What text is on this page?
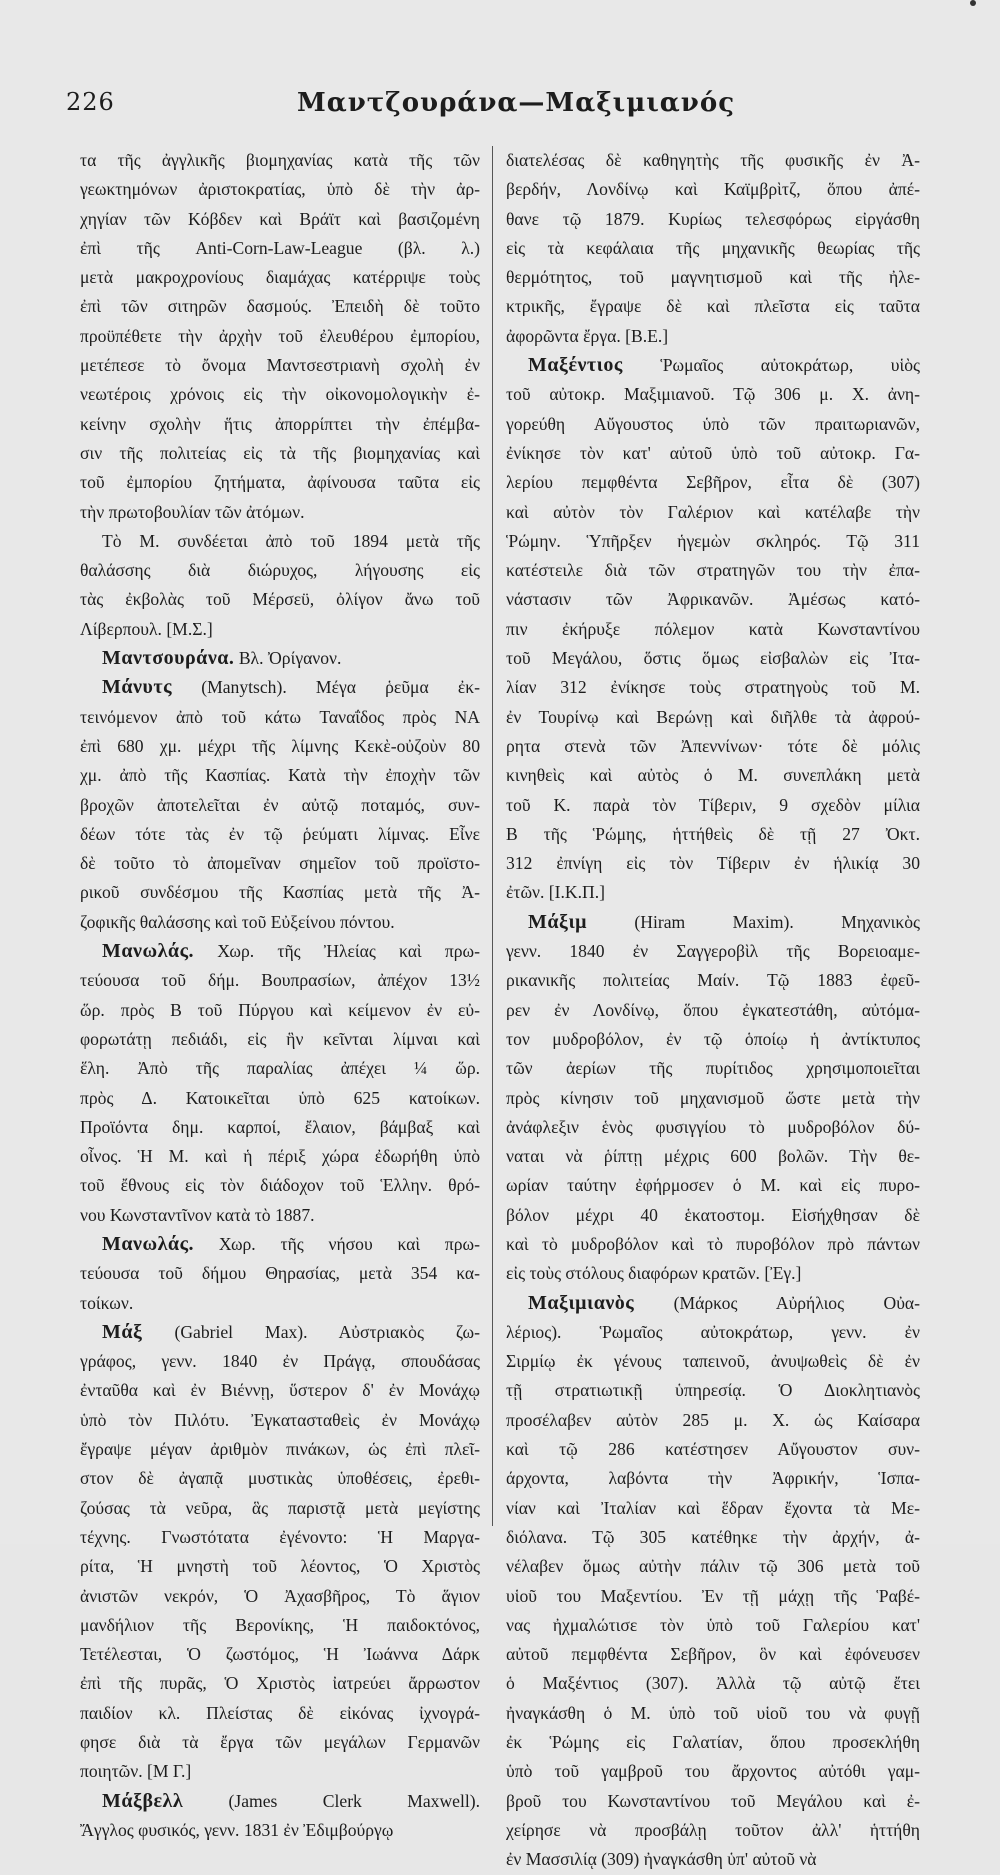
226	Μαντζουράνα—Μαξιμιανός
τα τῆς ἀγγλικῆς βιομηχανίας κατὰ τῆς τῶν
γεωκτημόνων ἀριστοκρατίας, ὑπὸ δὲ τὴν ἀρ-
χηγίαν τῶν Κόβδεν καὶ Βράϊτ καὶ βασιζομένη
ἐπὶ τῆς Anti-Corn-Law-League (βλ. λ.)
μετὰ μακροχρονίους διαμάχας κατέρριψε τοὺς
ἐπὶ τῶν σιτηρῶν δασμούς. Ἐπειδὴ δὲ τοῦτο
προϋπέθετε τὴν ἀρχὴν τοῦ ἐλευθέρου ἐμπορίου,
μετέπεσε τὸ ὄνομα Μαντσεστριανὴ σχολὴ ἐν
νεωτέροις χρόνοις εἰς τὴν οἰκονομολογικὴν ἐ-
κείνην σχολὴν ἥτις ἀπορρίπτει τὴν ἐπέμβα-
σιν τῆς πολιτείας εἰς τὰ τῆς βιομηχανίας καὶ
τοῦ ἐμπορίου ζητήματα, ἀφίνουσα ταῦτα εἰς
τὴν πρωτοβουλίαν τῶν ἀτόμων.
Τὸ Μ. συνδέεται ἀπὸ τοῦ 1894 μετὰ τῆς
θαλάσσης διὰ διώρυχος, λήγουσης εἰς
τὰς ἐκβολὰς τοῦ Μέρσεϋ, ὀλίγον ἄνω τοῦ
Λίβερπουλ. [Μ.Σ.]
Μαντσουράνα. Βλ. Ὀρίγανον.
Μάνυτς (Manytsch). Μέγα ῥεῦμα ἐκ-
τεινόμενον ἀπὸ τοῦ κάτω Ταναΐδος πρὸς ΝΑ
ἐπὶ 680 χμ. μέχρι τῆς λίμνης Κεκὲ-οὐζοὺν 80
χμ. ἀπὸ τῆς Κασπίας. Κατὰ τὴν ἐποχὴν τῶν
βροχῶν ἀποτελεῖται ἐν αὐτῷ ποταμός, συν-
δέων τότε τὰς ἐν τῷ ῥεύματι λίμνας. Εἶνε
δὲ τοῦτο τὸ ἀπομεῖναν σημεῖον τοῦ προϊστο-
ρικοῦ συνδέσμου τῆς Κασπίας μετὰ τῆς Ἀ-
ζοφικῆς θαλάσσης καὶ τοῦ Εὐξείνου πόντου.
Μανωλάς. Χωρ. τῆς Ἠλείας καὶ πρω-
τεύουσα τοῦ δήμ. Βουπρασίων, ἀπέχον 13½
ὥρ. πρὸς Β τοῦ Πύργου καὶ κείμενον ἐν εὐ-
φορωτάτῃ πεδιάδι, εἰς ἣν κεῖνται λίμναι καὶ
ἕλη. Ἀπὸ τῆς παραλίας ἀπέχει ¼ ὥρ.
πρὸς Δ. Κατοικεῖται ὑπὸ 625 κατοίκων.
Προϊόντα δημ. καρποί, ἔλαιον, βάμβαξ καὶ
οἶνος. Ἡ Μ. καὶ ἡ πέριξ χώρα ἐδωρήθη ὑπὸ
τοῦ ἔθνους εἰς τὸν διάδοχον τοῦ Ἑλλην. θρό-
νου Κωνσταντῖνον κατὰ τὸ 1887.
Μανωλάς. Χωρ. τῆς νήσου καὶ πρω-
τεύουσα τοῦ δήμου Θηρασίας, μετὰ 354 κα-
τοίκων.
Μάξ (Gabriel Max). Αὐστριακὸς ζω-
γράφος, γενν. 1840 ἐν Πράγᾳ, σπουδάσας
ἐνταῦθα καὶ ἐν Βιέννῃ, ὕστερον δ' ἐν Μονάχῳ
ὑπὸ τὸν Πιλότυ. Ἐγκατασταθεὶς ἐν Μονάχῳ
ἔγραψε μέγαν ἀριθμὸν πινάκων, ὡς ἐπὶ πλεῖ-
στον δὲ ἀγαπᾷ μυστικὰς ὑποθέσεις, ἐρεθι-
ζούσας τὰ νεῦρα, ἃς παριστᾷ μετὰ μεγίστης
τέχνης. Γνωστότατα ἐγένοντο: Ἡ Μαργα-
ρίτα, Ἡ μνηστὴ τοῦ λέοντος, Ὁ Χριστὸς
ἀνιστῶν νεκρόν, Ὁ Ἀχασβῆρος, Τὸ ἅγιον
μανδήλιον τῆς Βερονίκης, Ἡ παιδοκτόνος,
Τετέλεσται, Ὁ ζωστόμος, Ἡ Ἰωάννα Δάρκ
ἐπὶ τῆς πυρᾶς, Ὁ Χριστὸς ἰατρεύει ἄρρωστον
παιδίον κλ. Πλείστας δὲ εἰκόνας ἰχνογρά-
φησε διὰ τὰ ἔργα τῶν μεγάλων Γερμανῶν
ποιητῶν. [Μ Γ.]
Μάξβελλ (James Clerk Maxwell).
Ἄγγλος φυσικός, γενν. 1831 ἐν Ἐδιμβούργῳ
διατελέσας δὲ καθηγητὴς τῆς φυσικῆς ἐν Ἀ-
βερδήν, Λονδίνῳ καὶ Καϊμβρὶτζ, ὅπου ἀπέ-
θανε τῷ 1879. Κυρίως τελεσφόρως εἰργάσθη
εἰς τὰ κεφάλαια τῆς μηχανικῆς θεωρίας τῆς
θερμότητος, τοῦ μαγνητισμοῦ καὶ τῆς ἠλε-
κτρικῆς, ἔγραψε δὲ καὶ πλεῖστα εἰς ταῦτα
ἀφορῶντα ἔργα. [Β.Ε.]
Μαξέντιος Ῥωμαῖος αὐτοκράτωρ, υἱὸς
τοῦ αὐτοκρ. Μαξιμιανοῦ. Τῷ 306 μ. Χ. ἀνη-
γορεύθη Αὔγουστος ὑπὸ τῶν πραιτωριανῶν,
ἐνίκησε τὸν κατ' αὐτοῦ ὑπὸ τοῦ αὐτοκρ. Γα-
λερίου πεμφθέντα Σεβῆρον, εἶτα δὲ (307)
καὶ αὐτὸν τὸν Γαλέριον καὶ κατέλαβε τὴν
Ῥώμην. Ὑπῆρξεν ἡγεμὼν σκληρός. Τῷ 311
κατέστειλε διὰ τῶν στρατηγῶν του τὴν ἐπα-
νάστασιν τῶν Ἀφρικανῶν. Ἀμέσως κατό-
πιν ἐκήρυξε πόλεμον κατὰ Κωνσταντίνου
τοῦ Μεγάλου, ὅστις ὅμως εἰσβαλὼν εἰς Ἰτα-
λίαν 312 ἐνίκησε τοὺς στρατηγοὺς τοῦ Μ.
ἐν Τουρίνῳ καὶ Βερώνῃ καὶ διῆλθε τὰ ἀφρού-
ρητα στενὰ τῶν Ἀπεννίνων· τότε δὲ μόλις
κινηθεὶς καὶ αὐτὸς ὁ Μ. συνεπλάκη μετὰ
τοῦ Κ. παρὰ τὸν Τίβεριν, 9 σχεδὸν μίλια
Β τῆς Ῥώμης, ἡττήθεὶς δὲ τῇ 27 Ὀκτ.
312 ἐπνίγη εἰς τὸν Τίβεριν ἐν ἡλικίᾳ 30
ἐτῶν. [Ι.Κ.Π.]
Μάξιμ (Hiram Maxim). Μηχανικὸς
γενν. 1840 ἐν Σαγγεροβὶλ τῆς Βορειοαμε-
ρικανικῆς πολιτείας Μαίν. Τῷ 1883 ἐφεῦ-
ρεν ἐν Λονδίνῳ, ὅπου ἐγκατεστάθη, αὐτόμα-
τον μυδροβόλον, ἐν τῷ ὁποίῳ ἡ ἀντίκτυπος
τῶν ἀερίων τῆς πυρίτιδος χρησιμοποιεῖται
πρὸς κίνησιν τοῦ μηχανισμοῦ ὥστε μετὰ τὴν
ἀνάφλεξιν ἑνὸς φυσιγγίου τὸ μυδροβόλον δύ-
ναται νὰ ῥίπτῃ μέχρις 600 βολῶν. Τὴν θε-
ωρίαν ταύτην ἐφήρμοσεν ὁ Μ. καὶ εἰς πυρο-
βόλον μέχρι 40 ἑκατοστομ. Εἰσήχθησαν δὲ
καὶ τὸ μυδροβόλον καὶ τὸ πυροβόλον πρὸ πάντων
εἰς τοὺς στόλους διαφόρων κρατῶν. [Ἐγ.]
Μαξιμιανὸς (Μάρκος Αὐρήλιος Οὐα-
λέριος). Ῥωμαῖος αὐτοκράτωρ, γενν. ἐν
Σιρμίῳ ἐκ γένους ταπεινοῦ, ἀνυψωθεὶς δὲ ἐν
τῇ στρατιωτικῇ ὑπηρεσίᾳ. Ὁ Διοκλητιανὸς
προσέλαβεν αὐτὸν 285 μ. Χ. ὡς Καίσαρα
καὶ τῷ 286 κατέστησεν Αὔγουστον συν-
άρχοντα, λαβόντα τὴν Ἀφρικήν, Ἱσπα-
νίαν καὶ Ἰταλίαν καὶ ἕδραν ἔχοντα τὰ Με-
διόλανα. Τῷ 305 κατέθηκε τὴν ἀρχήν, ἀ-
νέλαβεν ὅμως αὐτὴν πάλιν τῷ 306 μετὰ τοῦ
υἱοῦ του Μαξεντίου. Ἐν τῇ μάχῃ τῆς Ῥαβέ-
νας ἠχμαλώτισε τὸν ὑπὸ τοῦ Γαλερίου κατ'
αὐτοῦ πεμφθέντα Σεβῆρον, ὃν καὶ ἐφόνευσεν
ὁ Μαξέντιος (307). Ἀλλὰ τῷ αὐτῷ ἔτει
ἠναγκάσθη ὁ Μ. ὑπὸ τοῦ υἱοῦ του νὰ φυγῇ
ἐκ Ῥώμης εἰς Γαλατίαν, ὅπου προσεκλήθη
ὑπὸ τοῦ γαμβροῦ του ἄρχοντος αὐτόθι γαμ-
βροῦ του Κωνσταντίνου τοῦ Μεγάλου καὶ ἐ-
χείρησε νὰ προσβάλῃ τοῦτον ἀλλ' ἡττήθη
ἐν Μασσιλίᾳ (309) ἠναγκάσθη ὑπ' αὐτοῦ νὰ
